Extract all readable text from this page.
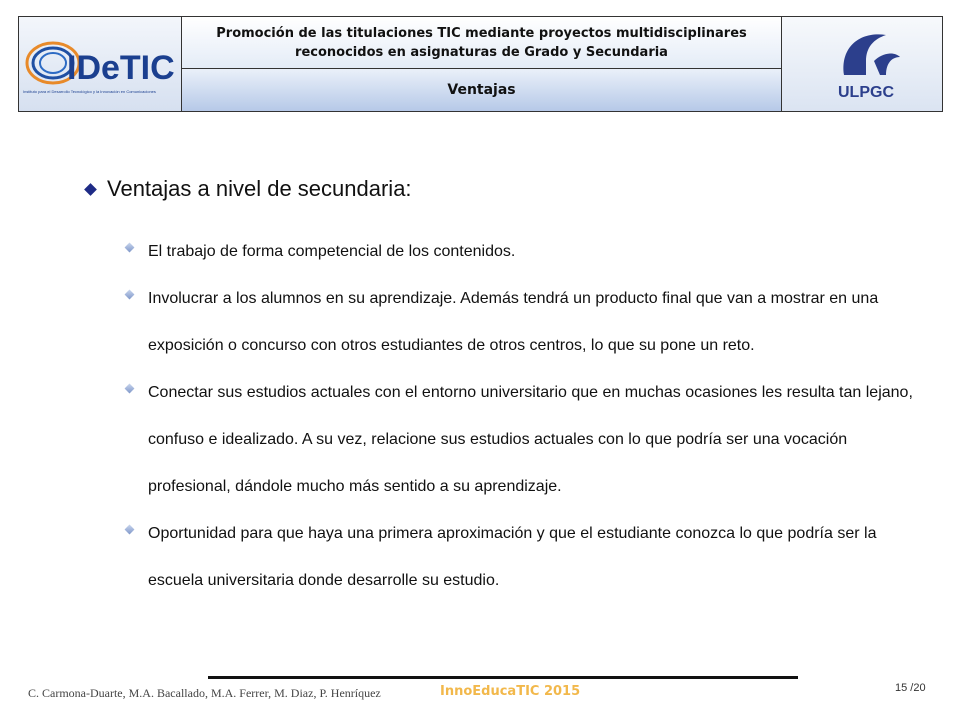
IDeTIC
Instituto para el Desarrollo Tecnológico y la Innovación en Comunicaciones
Promoción de las titulaciones TIC mediante proyectos multidisciplinares reconocidos en asignaturas de Grado y Secundaria
Ventajas	ULPGC
Ventajas a nivel de secundaria:
El trabajo de forma competencial de los contenidos.
Involucrar a los alumnos en su aprendizaje. Además tendrá un producto final que van a mostrar en una exposición o concurso con otros estudiantes de otros centros, lo que su pone un reto.
Conectar sus estudios actuales con el entorno universitario que en muchas ocasiones les resulta tan lejano, confuso e idealizado. A su vez, relacione sus estudios actuales con lo que podría ser una vocación profesional, dándole mucho más sentido a su aprendizaje.
Oportunidad para que haya una primera aproximación y que el estudiante conozca lo que podría ser la escuela universitaria donde desarrolle su estudio.
C. Carmona-Duarte, M.A. Bacallado, M.A. Ferrer, M. Diaz, P. Henríquez	InnoEducaTIC 2015	15 /20
